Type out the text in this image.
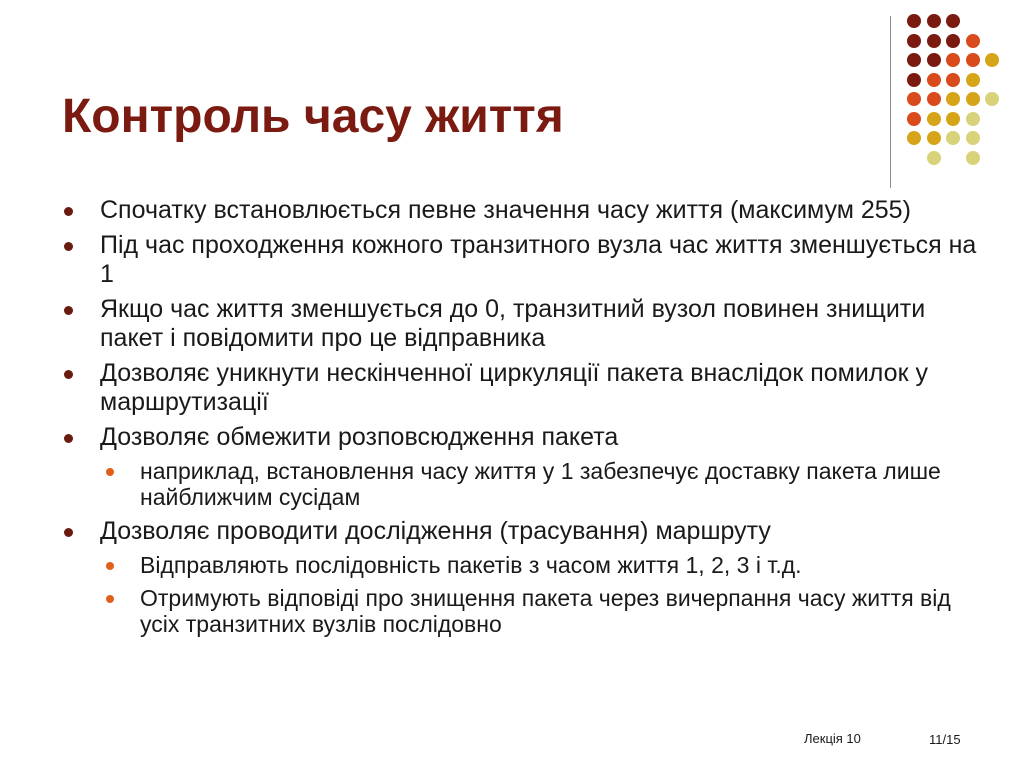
Контроль часу життя
Спочатку встановлюється певне значення часу життя (максимум 255)
Під час проходження кожного транзитного вузла час життя зменшується на 1
Якщо час життя зменшується до 0, транзитний вузол повинен знищити пакет і повідомити про це відправника
Дозволяє уникнути нескінченної циркуляції пакета внаслідок помилок у маршрутизації
Дозволяє обмежити розповсюдження пакета
наприклад, встановлення часу життя у 1 забезпечує доставку пакета лише найближчим сусідам
Дозволяє проводити дослідження (трасування) маршруту
Відправляють послідовність пакетів з часом життя 1, 2, 3 і т.д.
Отримують відповіді про знищення пакета через вичерпання часу життя від усіх транзитних вузлів послідовно
Лекція 10	11/15
